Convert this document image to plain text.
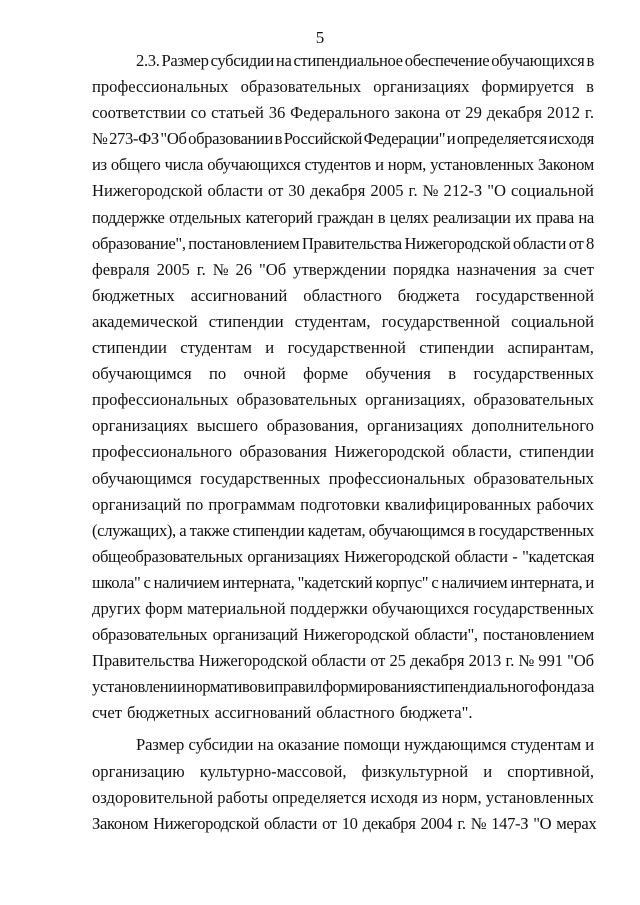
5
2.3. Размер субсидии на стипендиальное обеспечение обучающихся в
профессиональных образовательных организациях формируется в
соответствии со статьей 36 Федерального закона от 29 декабря 2012 г.
№ 273-ФЗ "Об образовании в Российской Федерации" и определяется исходя
из общего числа обучающихся студентов и норм, установленных Законом
Нижегородской области от 30 декабря 2005 г. № 212-З "О социальной
поддержке отдельных категорий граждан в целях реализации их права на
образование", постановлением Правительства Нижегородской области от 8
февраля 2005 г. № 26 "Об утверждении порядка назначения за счет
бюджетных ассигнований областного бюджета государственной
академической стипендии студентам, государственной социальной
стипендии студентам и государственной стипендии аспирантам,
обучающимся по очной форме обучения в государственных
профессиональных образовательных организациях, образовательных
организациях высшего образования, организациях дополнительного
профессионального образования Нижегородской области, стипендии
обучающимся государственных профессиональных образовательных
организаций по программам подготовки квалифицированных рабочих
(служащих), а также стипендии кадетам, обучающимся в государственных
общеобразовательных организациях Нижегородской области - "кадетская
школа" с наличием интерната, "кадетский корпус" с наличием интерната, и
других форм материальной поддержки обучающихся государственных
образовательных организаций Нижегородской области", постановлением
Правительства Нижегородской области от 25 декабря 2013 г. № 991 "Об
установлении нормативов и правил формирования стипендиального фонда за
счет бюджетных ассигнований областного бюджета".
Размер субсидии на оказание помощи нуждающимся студентам и
организацию культурно-массовой, физкультурной и спортивной,
оздоровительной работы определяется исходя из норм, установленных
Законом Нижегородской области от 10 декабря 2004 г. № 147-З "О мерах
